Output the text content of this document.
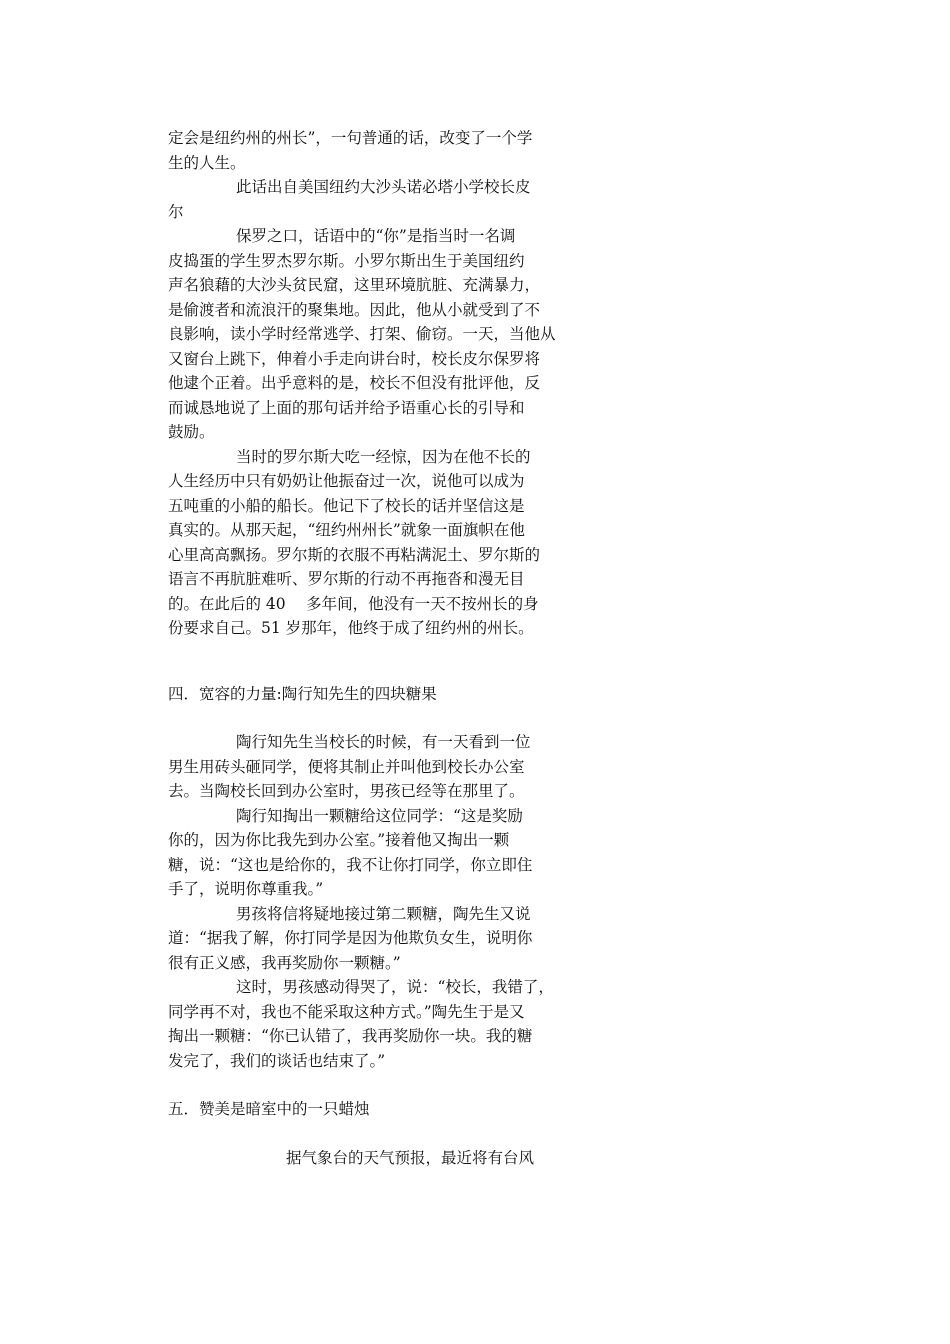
定会是纽约州的州长”，一句普通的话，改变了一个学
生的人生。
此话出自美国纽约大沙头诺必塔小学校长皮
尔
保罗之口，话语中的“你”是指当时一名调
皮捣蛋的学生罗杰罗尔斯。小罗尔斯出生于美国纽约
声名狼藉的大沙头贫民窟，这里环境肮脏、充满暴力，
是偷渡者和流浪汗的聚集地。因此，他从小就受到了不
良影响，读小学时经常逃学、打架、偷窃。一天，当他从
又窗台上跳下，伸着小手走向讲台时，校长皮尔保罗将
他逮个正着。出乎意料的是，校长不但没有批评他，反
而诚恳地说了上面的那句话并给予语重心长的引导和
鼓励。
当时的罗尔斯大吃一经惊，因为在他不长的
人生经历中只有奶奶让他振奋过一次，说他可以成为
五吨重的小船的船长。他记下了校长的话并坚信这是
真实的。从那天起，“纽约州州长”就象一面旗帜在他
心里高高飘扬。罗尔斯的衣服不再粘满泥土、罗尔斯的
语言不再肮脏难听、罗尔斯的行动不再拖沓和漫无目
的。在此后的 40　 多年间，他没有一天不按州长的身
份要求自己。51 岁那年，他终于成了纽约州的州长。
四．宽容的力量:陶行知先生的四块糖果
陶行知先生当校长的时候，有一天看到一位
男生用砖头砸同学，便将其制止并叫他到校长办公室
去。当陶校长回到办公室时，男孩已经等在那里了。
陶行知掏出一颗糖给这位同学：“这是奖励
你的，因为你比我先到办公室。”接着他又掏出一颗
糖，说：“这也是给你的，我不让你打同学，你立即住
手了，说明你尊重我。”
男孩将信将疑地接过第二颗糖，陶先生又说
道：“据我了解，你打同学是因为他欺负女生，说明你
很有正义感，我再奖励你一颗糖。”
这时，男孩感动得哭了，说：“校长，我错了，
同学再不对，我也不能采取这种方式。”陶先生于是又
掏出一颗糖：“你已认错了，我再奖励你一块。我的糖
发完了，我们的谈话也结束了。”
五．赞美是暗室中的一只蜡烛
据气象台的天气预报，最近将有台风
